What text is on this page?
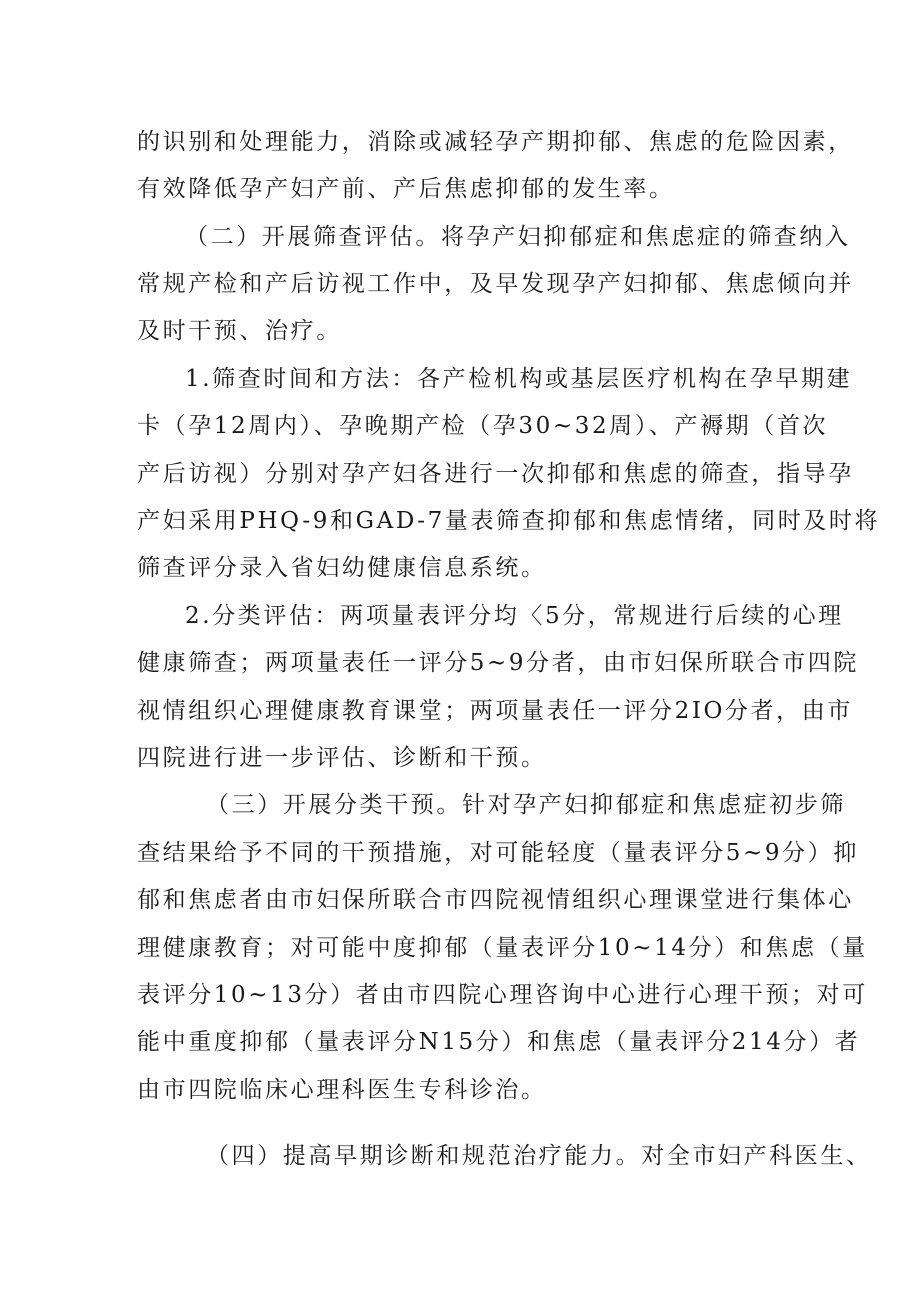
的识别和处理能力，消除或减轻孕产期抑郁、焦虑的危险因素，
有效降低孕产妇产前、产后焦虑抑郁的发生率。
（二）开展筛查评估。将孕产妇抑郁症和焦虑症的筛查纳入
常规产检和产后访视工作中，及早发现孕产妇抑郁、焦虑倾向并
及时干预、治疗。
1.筛查时间和方法：各产检机构或基层医疗机构在孕早期建
卡（孕12周内）、孕晚期产检（孕30~32周）、产褥期（首次
产后访视）分别对孕产妇各进行一次抑郁和焦虑的筛查，指导孕
产妇采用PHQ-9和GAD-7量表筛查抑郁和焦虑情绪，同时及时将
筛查评分录入省妇幼健康信息系统。
2.分类评估：两项量表评分均〈5分，常规进行后续的心理
健康筛查；两项量表任一评分5~9分者，由市妇保所联合市四院
视情组织心理健康教育课堂；两项量表任一评分2IO分者，由市
四院进行进一步评估、诊断和干预。
（三）开展分类干预。针对孕产妇抑郁症和焦虑症初步筛
查结果给予不同的干预措施，对可能轻度（量表评分5~9分）抑
郁和焦虑者由市妇保所联合市四院视情组织心理课堂进行集体心
理健康教育；对可能中度抑郁（量表评分10~14分）和焦虑（量
表评分10~13分）者由市四院心理咨询中心进行心理干预；对可
能中重度抑郁（量表评分N15分）和焦虑（量表评分214分）者
由市四院临床心理科医生专科诊治。
（四）提高早期诊断和规范治疗能力。对全市妇产科医生、
